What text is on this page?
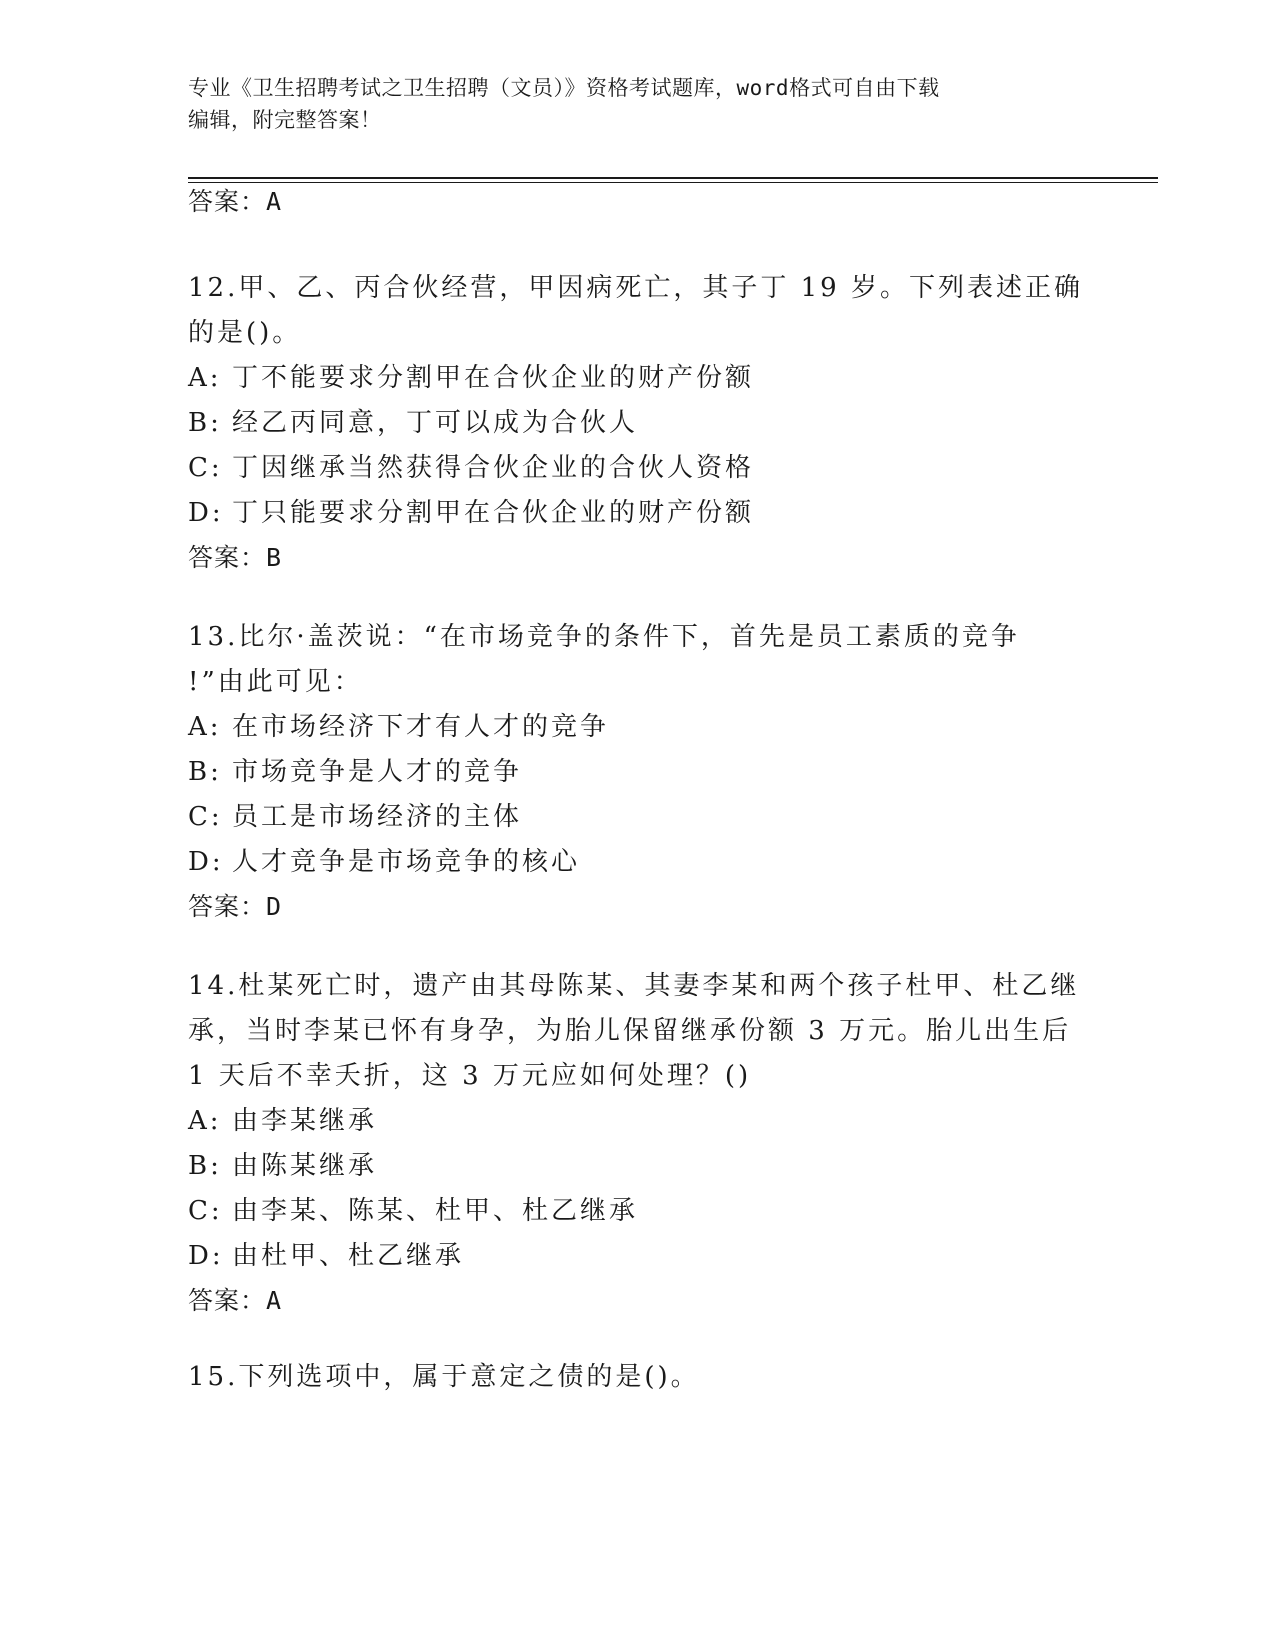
专业《卫生招聘考试之卫生招聘（文员）》资格考试题库，word格式可自由下载
编辑，附完整答案！
答案：A
12.甲、乙、丙合伙经营，甲因病死亡，其子丁 19 岁。下列表述正确
的是()。
A: 丁不能要求分割甲在合伙企业的财产份额
B: 经乙丙同意，丁可以成为合伙人
C: 丁因继承当然获得合伙企业的合伙人资格
D: 丁只能要求分割甲在合伙企业的财产份额
答案：B
13.比尔·盖茨说：“在市场竞争的条件下，首先是员工素质的竞争
!”由此可见：
A: 在市场经济下才有人才的竞争
B: 市场竞争是人才的竞争
C: 员工是市场经济的主体
D: 人才竞争是市场竞争的核心
答案：D
14.杜某死亡时，遗产由其母陈某、其妻李某和两个孩子杜甲、杜乙继
承，当时李某已怀有身孕，为胎儿保留继承份额 3 万元。胎儿出生后
1 天后不幸夭折，这 3 万元应如何处理？()
A: 由李某继承
B: 由陈某继承
C: 由李某、陈某、杜甲、杜乙继承
D: 由杜甲、杜乙继承
答案：A
15.下列选项中，属于意定之债的是()。
